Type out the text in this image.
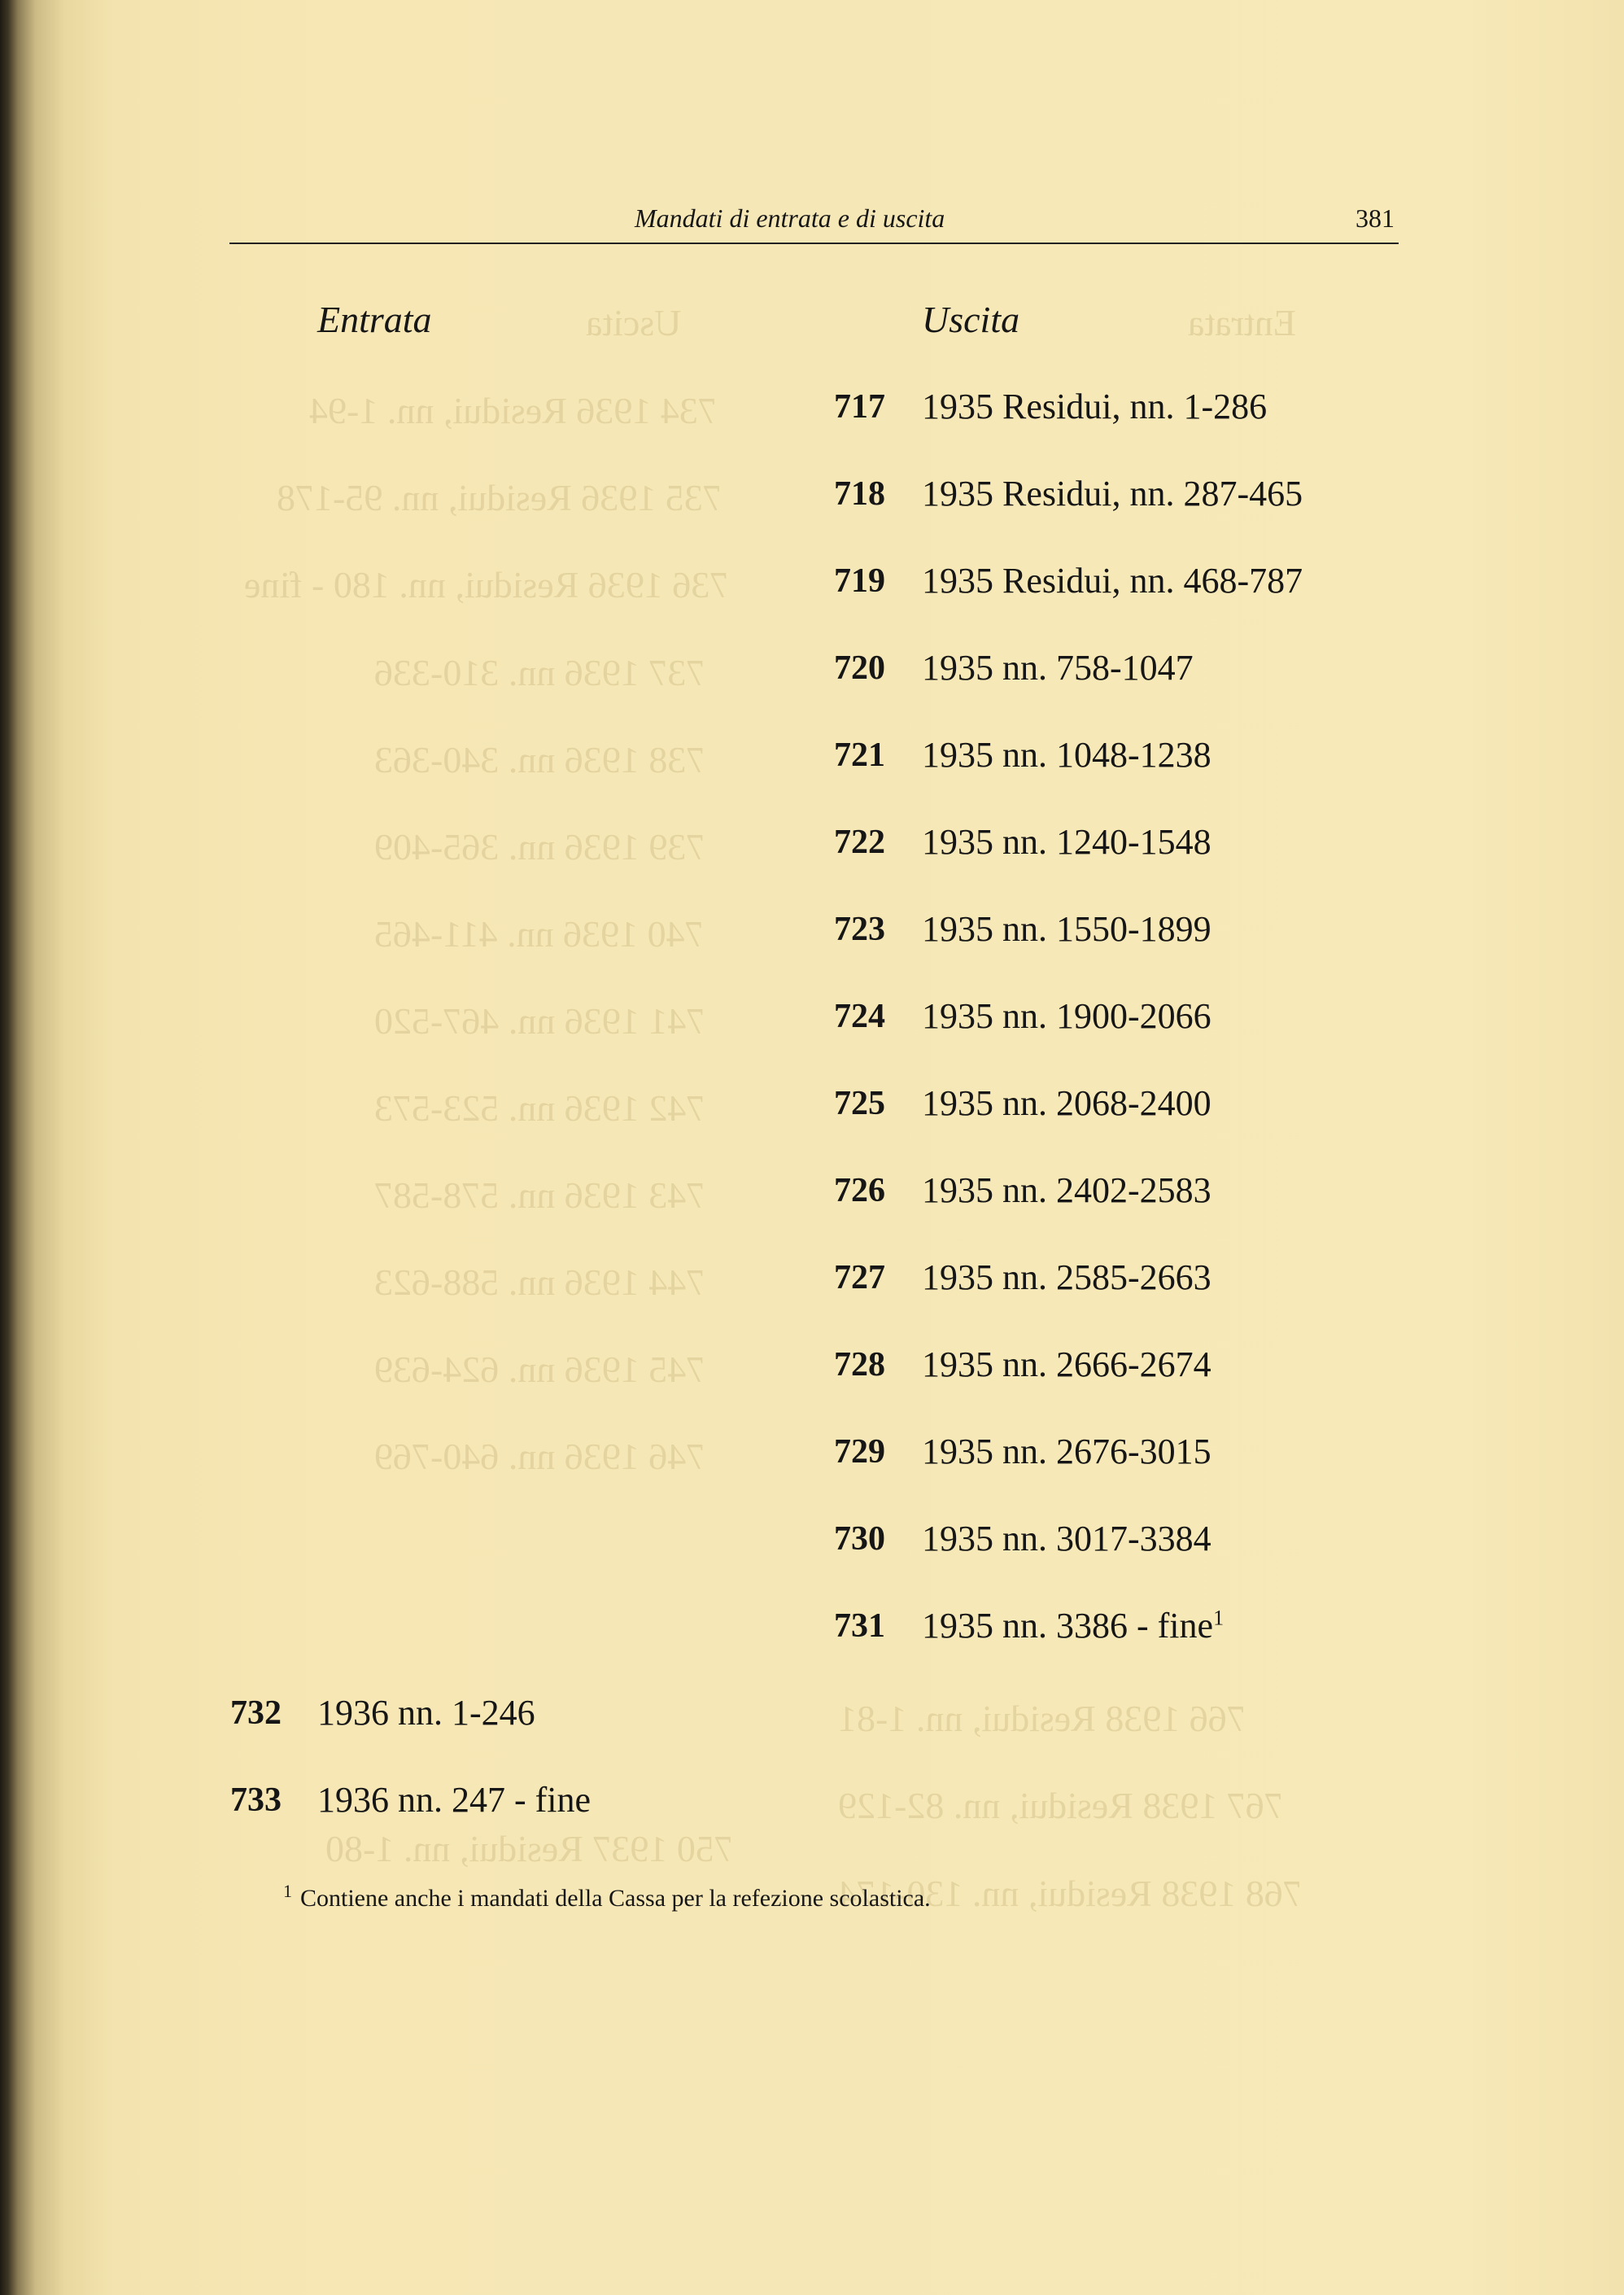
Uscita	Entrata
734 1936 Residui, nn. 1-94
735 1936 Residui, nn. 95-178
736 1936 Residui, nn. 180 - fine
737 1936 nn. 310-336
738 1936 nn. 340-363
739 1936 nn. 365-409
740 1936 nn. 411-465
741 1936 nn. 467-520
742 1936 nn. 523-573
743 1936 nn. 578-587
744 1936 nn. 588-623
745 1936 nn. 624-639
746 1936 nn. 640-769
766 1938 Residui, nn. 1-81
767 1938 Residui, nn. 82-129
768 1938 Residui, nn. 130-174
750 1937 Residui, nn. 1-80
Mandati di entrata e di uscita	381
Entrata	Uscita
717 1935 Residui, nn. 1-286
718 1935 Residui, nn. 287-465
719 1935 Residui, nn. 468-787
720 1935 nn. 758-1047
721 1935 nn. 1048-1238
722 1935 nn. 1240-1548
723 1935 nn. 1550-1899
724 1935 nn. 1900-2066
725 1935 nn. 2068-2400
726 1935 nn. 2402-2583
727 1935 nn. 2585-2663
728 1935 nn. 2666-2674
729 1935 nn. 2676-3015
730 1935 nn. 3017-3384
731 1935 nn. 3386 - fine$^1$
732 1936 nn. 1-246
733 1936 nn. 247 - fine
$^1$ Contiene anche i mandati della Cassa per la refezione scolastica.
